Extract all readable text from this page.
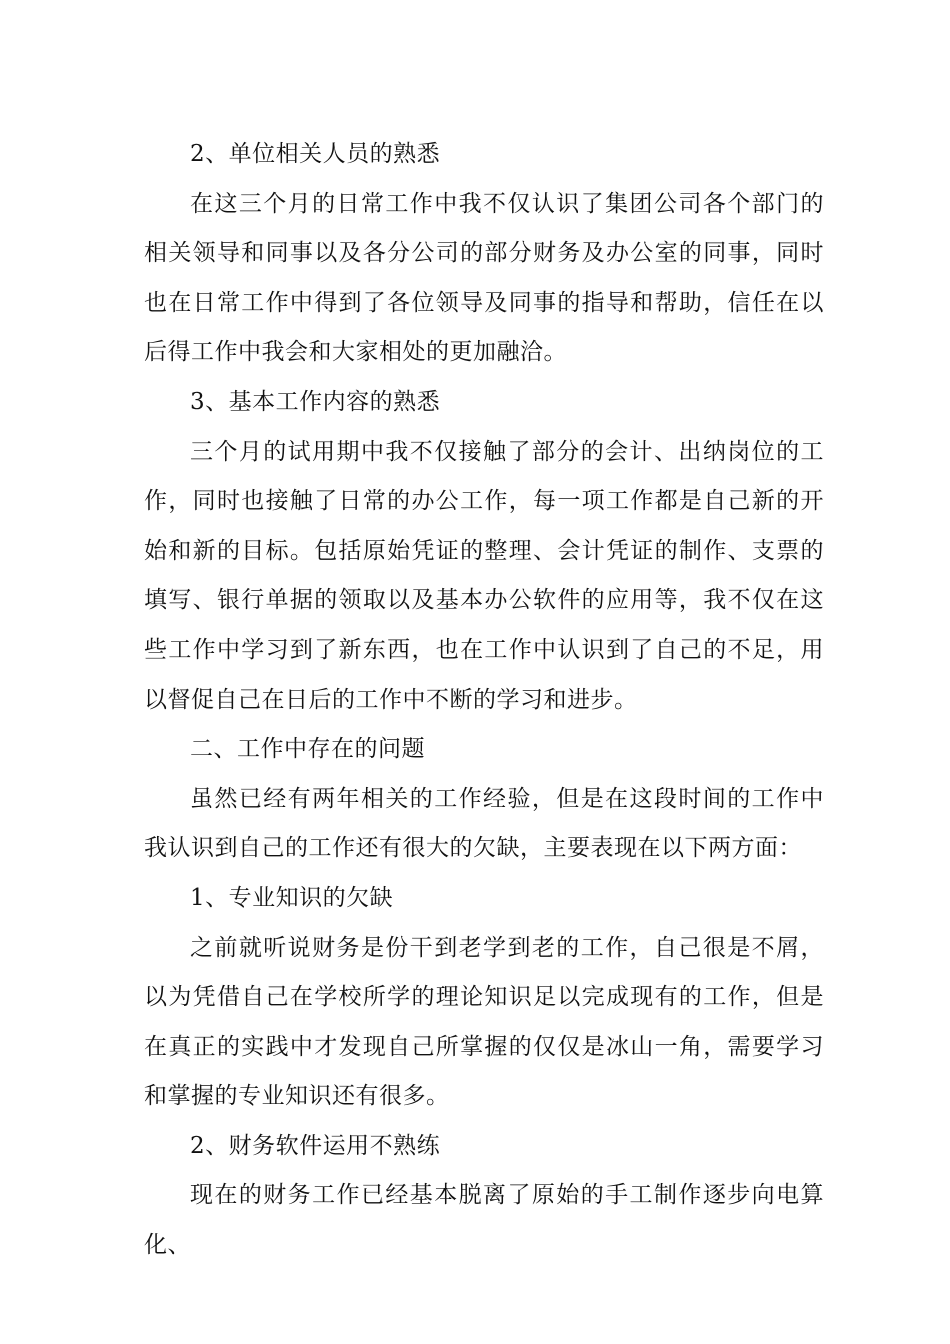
2、单位相关人员的熟悉

在这三个月的日常工作中我不仅认识了集团公司各个部门的相关领导和同事以及各分公司的部分财务及办公室的同事，同时也在日常工作中得到了各位领导及同事的指导和帮助，信任在以后得工作中我会和大家相处的更加融洽。

3、基本工作内容的熟悉

三个月的试用期中我不仅接触了部分的会计、出纳岗位的工作，同时也接触了日常的办公工作，每一项工作都是自己新的开始和新的目标。包括原始凭证的整理、会计凭证的制作、支票的填写、银行单据的领取以及基本办公软件的应用等，我不仅在这些工作中学习到了新东西，也在工作中认识到了自己的不足，用以督促自己在日后的工作中不断的学习和进步。

二、工作中存在的问题

虽然已经有两年相关的工作经验，但是在这段时间的工作中我认识到自己的工作还有很大的欠缺，主要表现在以下两方面：

1、专业知识的欠缺

之前就听说财务是份干到老学到老的工作，自己很是不屑，以为凭借自己在学校所学的理论知识足以完成现有的工作，但是在真正的实践中才发现自己所掌握的仅仅是冰山一角，需要学习和掌握的专业知识还有很多。

2、财务软件运用不熟练

现在的财务工作已经基本脱离了原始的手工制作逐步向电算化、
